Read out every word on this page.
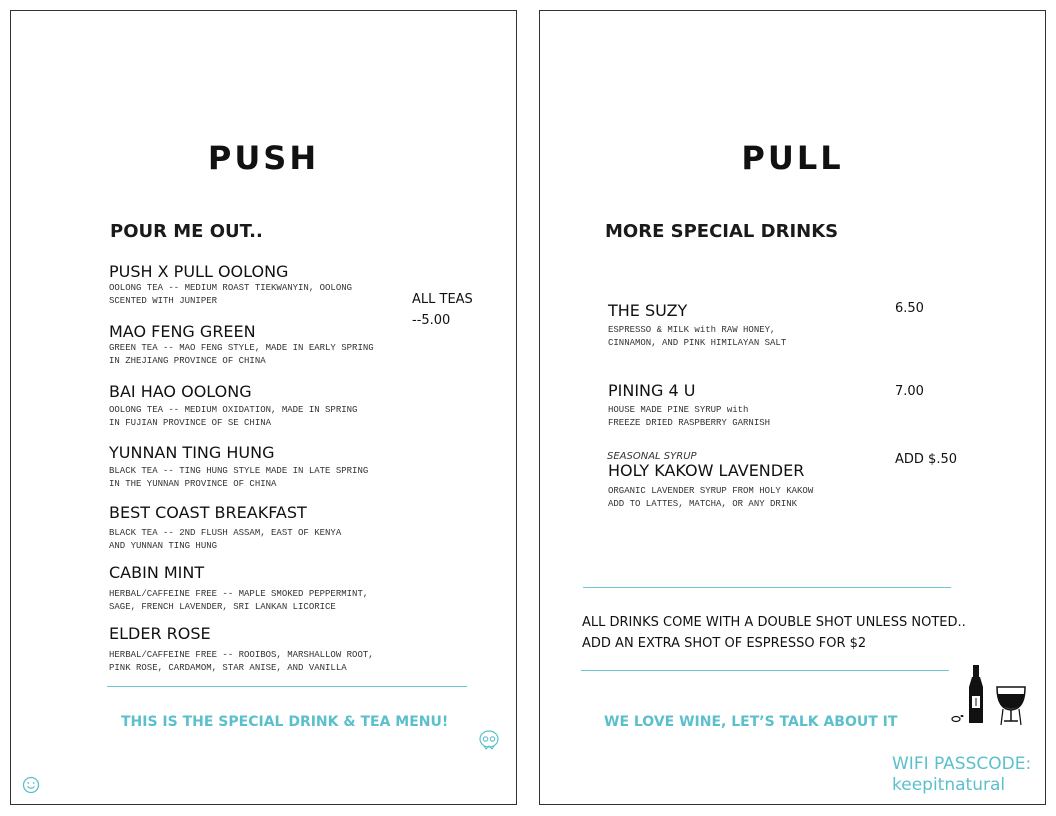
PUSH
POUR ME OUT..
PUSH X PULL OOLONG
OOLONG TEA -- MEDIUM ROAST TIEKWANYIN, OOLONG
SCENTED WITH JUNIPER
MAO FENG GREEN
GREEN TEA -- MAO FENG STYLE, MADE IN EARLY SPRING
IN ZHEJIANG PROVINCE OF CHINA
BAI HAO OOLONG
OOLONG TEA -- MEDIUM OXIDATION, MADE IN SPRING
IN FUJIAN PROVINCE OF SE CHINA
YUNNAN TING HUNG
BLACK TEA -- TING HUNG STYLE MADE IN LATE SPRING
IN THE YUNNAN PROVINCE OF CHINA
BEST COAST BREAKFAST
BLACK TEA -- 2ND FLUSH ASSAM, EAST OF KENYA
AND YUNNAN TING HUNG
CABIN MINT
HERBAL/CAFFEINE FREE -- MAPLE SMOKED PEPPERMINT,
SAGE, FRENCH LAVENDER, SRI LANKAN LICORICE
ELDER ROSE
HERBAL/CAFFEINE FREE -- ROOIBOS, MARSHALLOW ROOT,
PINK ROSE, CARDAMOM, STAR ANISE, AND VANILLA
ALL TEAS
--5.00
THIS IS THE SPECIAL DRINK & TEA MENU!
PULL
MORE SPECIAL DRINKS
THE SUZY
ESPRESSO & MILK with RAW HONEY,
CINNAMON, AND PINK HIMILAYAN SALT
6.50
PINING 4 U
HOUSE MADE PINE SYRUP with
FREEZE DRIED RASPBERRY GARNISH
7.00
SEASONAL SYRUP
HOLY KAKOW LAVENDER
ORGANIC LAVENDER SYRUP FROM HOLY KAKOW
ADD TO LATTES, MATCHA, OR ANY DRINK
ADD $.50
ALL DRINKS COME WITH A DOUBLE SHOT UNLESS NOTED..
ADD AN EXTRA SHOT OF ESPRESSO FOR $2
WE LOVE WINE, LET’S TALK ABOUT IT
WIFI PASSCODE:
keepitnatural
